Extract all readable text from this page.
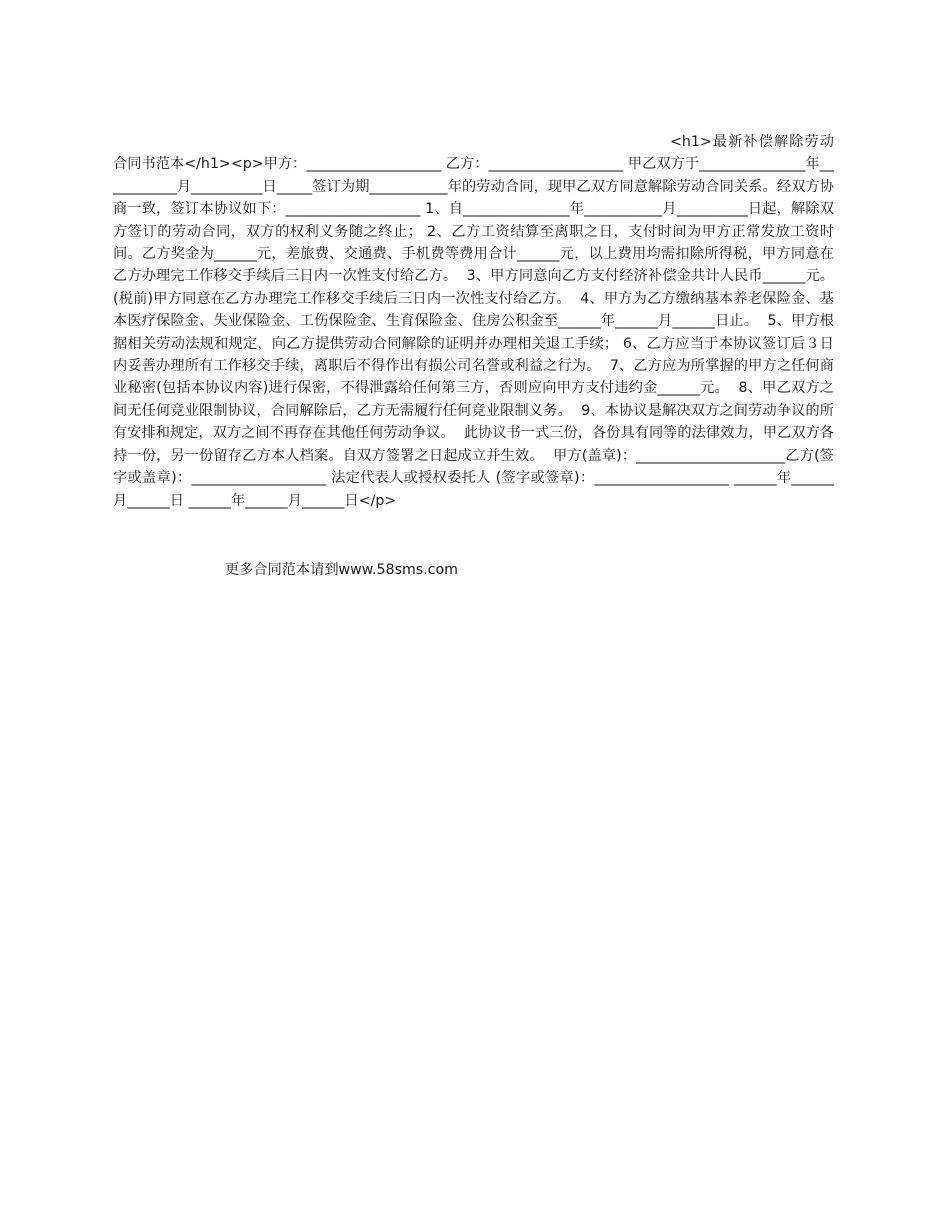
<h1>最新补偿解除劳动合同书范本</h1><p>甲方：___________________ 乙方：___________________ 甲乙双方于_______________年___________月__________日_____签订为期___________年的劳动合同，现甲乙双方同意解除劳动合同关系。经双方协商一致，签订本协议如下：___________________ 1、自_______________年___________月__________日起，解除双方签订的劳动合同，双方的权利义务随之终止； 2、乙方工资结算至离职之日，支付时间为甲方正常发放工资时间。乙方奖金为______元，差旅费、交通费、手机费等费用合计______元，以上费用均需扣除所得税，甲方同意在乙方办理完工作移交手续后三日内一次性支付给乙方。  3、甲方同意向乙方支付经济补偿金共计人民币______元。(税前)甲方同意在乙方办理完工作移交手续后三日内一次性支付给乙方。  4、甲方为乙方缴纳基本养老保险金、基本医疗保险金、失业保险金、工伤保险金、生育保险金、住房公积金至______年______月______日止。  5、甲方根据相关劳动法规和规定，向乙方提供劳动合同解除的证明并办理相关退工手续； 6、乙方应当于本协议签订后３日内妥善办理所有工作移交手续，离职后不得作出有损公司名誉或利益之行为。  7、乙方应为所掌握的甲方之任何商业秘密(包括本协议内容)进行保密，不得泄露给任何第三方，否则应向甲方支付违约金______元。  8、甲乙双方之间无任何竞业限制协议，合同解除后，乙方无需履行任何竞业限制义务。  9、本协议是解决双方之间劳动争议的所有安排和规定，双方之间不再存在其他任何劳动争议。  此协议书一式三份，各份具有同等的法律效力，甲乙双方各持一份，另一份留存乙方本人档案。自双方签署之日起成立并生效。  甲方(盖章)：_____________________乙方(签字或盖章)：___________________ 法定代表人或授权委托人 (签字或签章)：___________________ ______年______月______日 ______年______月______日</p>
更多合同范本请到www.58sms.com
